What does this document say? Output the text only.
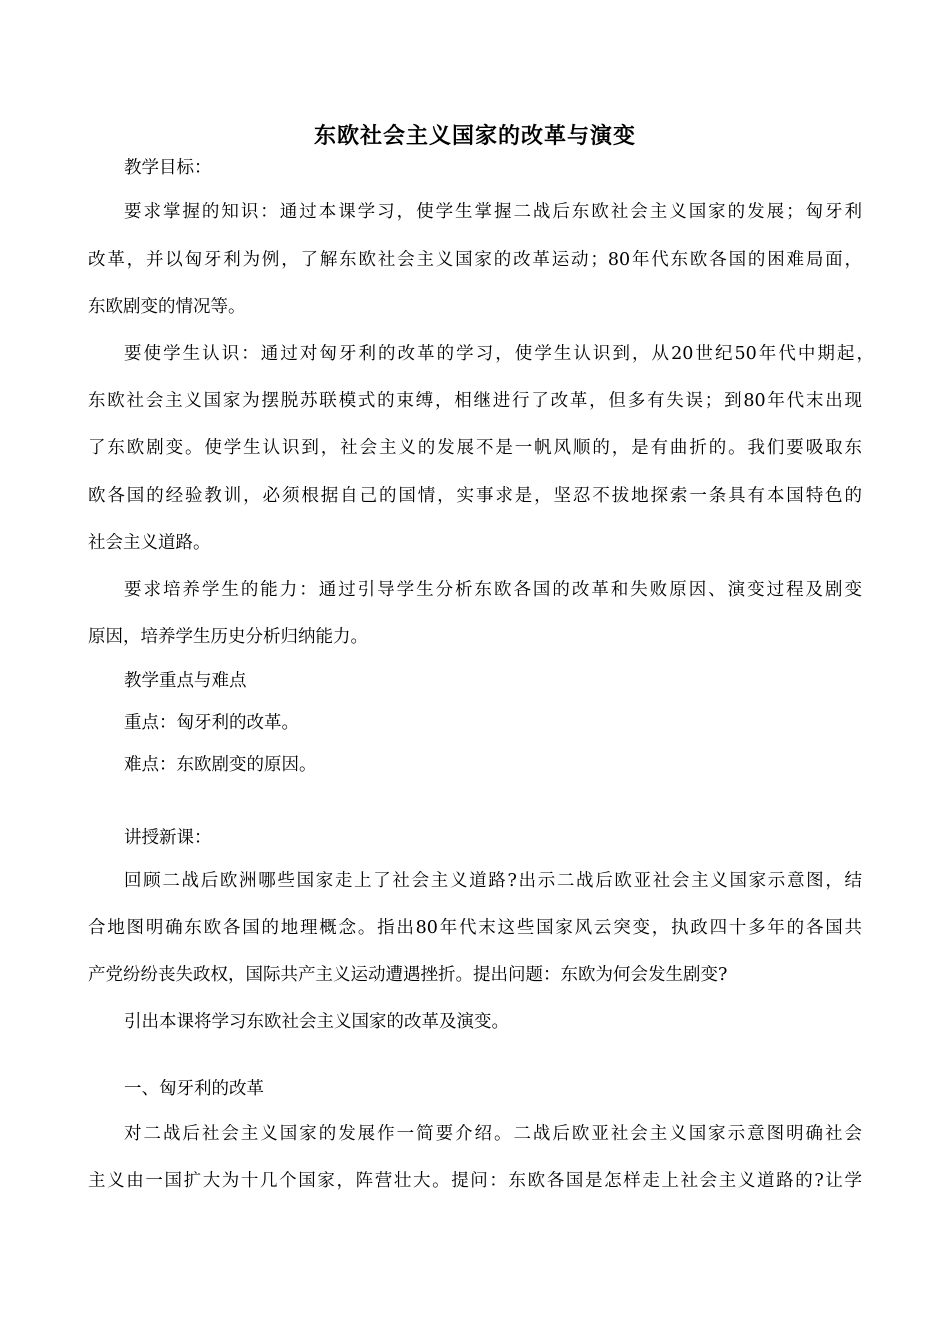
东欧社会主义国家的改革与演变
教学目标：
要求掌握的知识：通过本课学习，使学生掌握二战后东欧社会主义国家的发展；匈牙利
改革，并以匈牙利为例，了解东欧社会主义国家的改革运动；80年代东欧各国的困难局面，
东欧剧变的情况等。
要使学生认识：通过对匈牙利的改革的学习，使学生认识到，从20世纪50年代中期起，
东欧社会主义国家为摆脱苏联模式的束缚，相继进行了改革，但多有失误；到80年代末出现
了东欧剧变。使学生认识到，社会主义的发展不是一帆风顺的，是有曲折的。我们要吸取东
欧各国的经验教训，必须根据自己的国情，实事求是，坚忍不拔地探索一条具有本国特色的
社会主义道路。
要求培养学生的能力：通过引导学生分析东欧各国的改革和失败原因、演变过程及剧变
原因，培养学生历史分析归纳能力。
教学重点与难点
重点：匈牙利的改革。
难点：东欧剧变的原因。
讲授新课：
回顾二战后欧洲哪些国家走上了社会主义道路?出示二战后欧亚社会主义国家示意图，结
合地图明确东欧各国的地理概念。指出80年代末这些国家风云突变，执政四十多年的各国共
产党纷纷丧失政权，国际共产主义运动遭遇挫折。提出问题：东欧为何会发生剧变?
引出本课将学习东欧社会主义国家的改革及演变。
一、匈牙利的改革
对二战后社会主义国家的发展作一简要介绍。二战后欧亚社会主义国家示意图明确社会
主义由一国扩大为十几个国家，阵营壮大。提问：东欧各国是怎样走上社会主义道路的?让学
